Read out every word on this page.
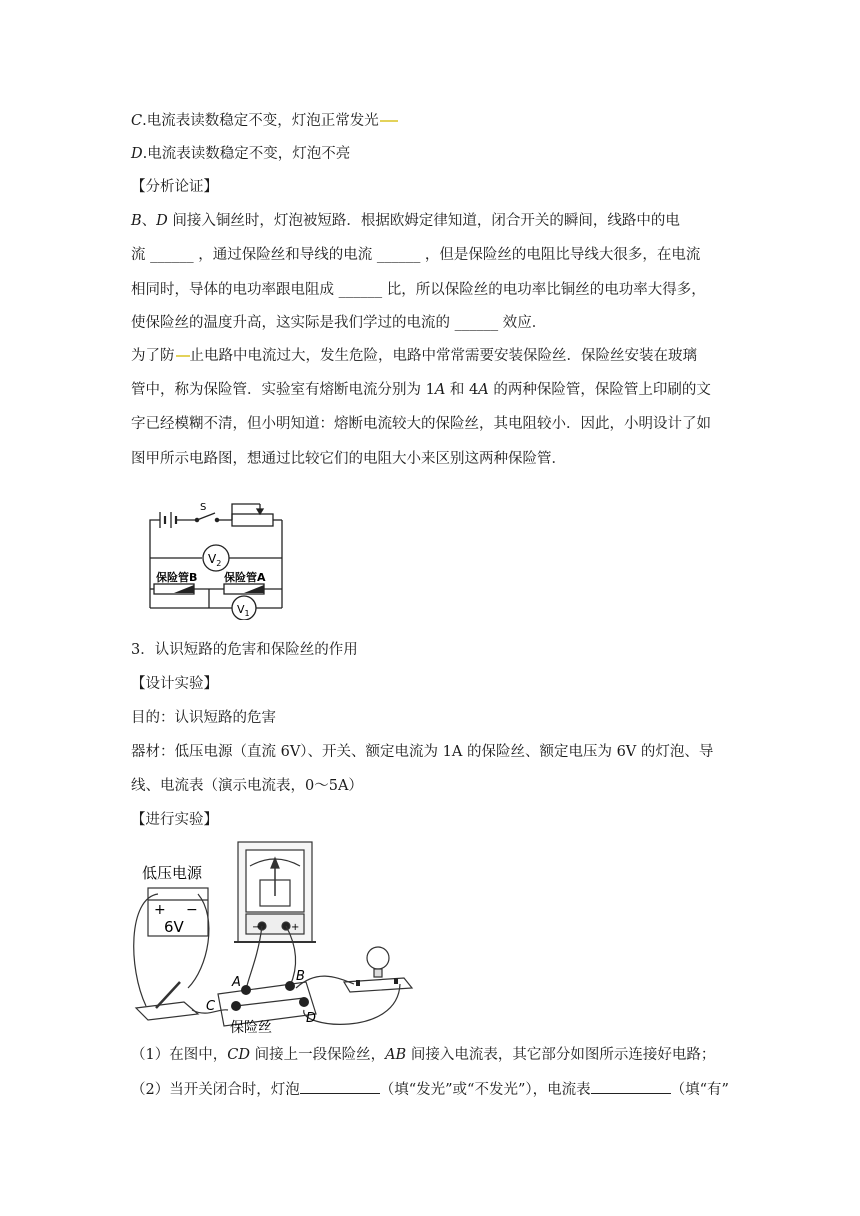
C.电流表读数稳定不变，灯泡正常发光
D.电流表读数稳定不变，灯泡不亮
【分析论证】
B、D 间接入铜丝时，灯泡被短路．根据欧姆定律知道，闭合开关的瞬间，线路中的电
流 ______ ，通过保险丝和导线的电流 ______ ，但是保险丝的电阻比导线大很多，在电流
相同时，导体的电功率跟电阻成 ______ 比，所以保险丝的电功率比铜丝的电功率大得多，
使保险丝的温度升高，这实际是我们学过的电流的 ______ 效应．
为了防 止电路中电流过大，发生危险，电路中常常需要安装保险丝．保险丝安装在玻璃
管中，称为保险管．实验室有熔断电流分别为 1A 和 4A 的两种保险管，保险管上印刷的文
字已经模糊不清，但小明知道：熔断电流较大的保险丝，其电阻较小．因此，小明设计了如
图甲所示电路图，想通过比较它们的电阻大小来区别这两种保险管．
S
$V_2$
$V_1$
保险管B 保险管A
3．认识短路的危害和保险丝的作用
【设计实验】
目的：认识短路的危害
器材：低压电源（直流 6V）、开关、额定电流为 1A 的保险丝、额定电压为 6V 的灯泡、导
线、电流表（演示电流表，0～5A）
【进行实验】
低压电源
+ −
6V	−	+
A	B
C
D
保险丝
（1）在图中，CD 间接上一段保险丝，AB 间接入电流表，其它部分如图所示连接好电路；
（2）当开关闭合时，灯泡	（填“发光”或“不发光”），电流表	（填“有”
